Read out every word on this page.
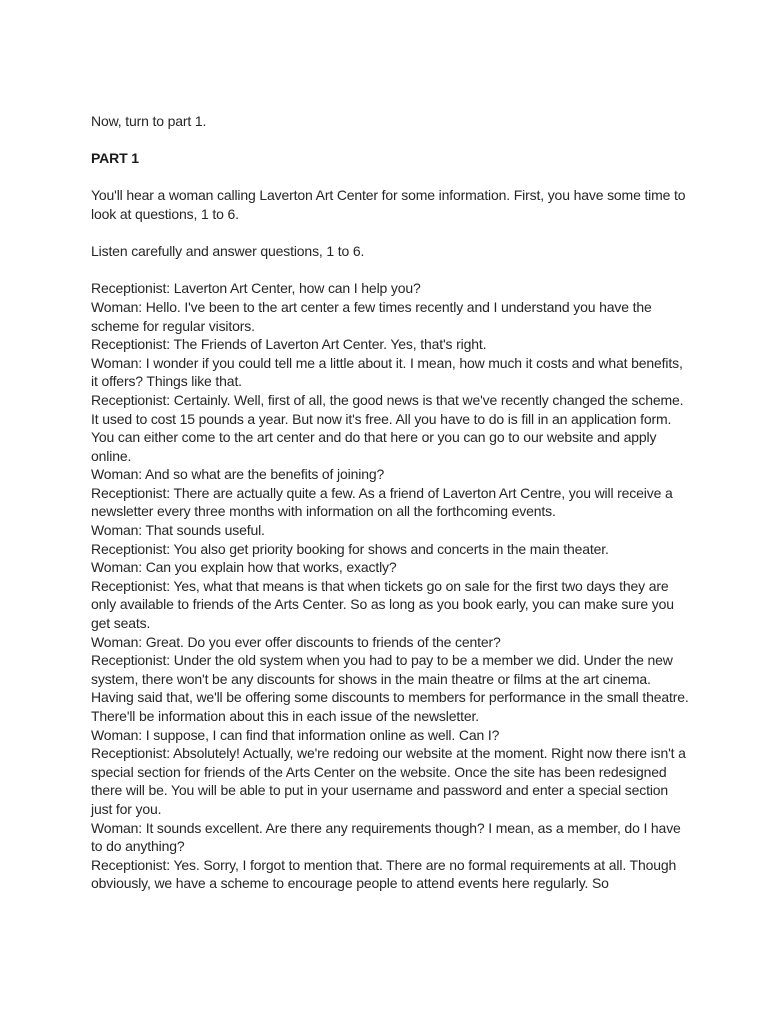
Now, turn to part 1.

PART 1

You'll hear a woman calling Laverton Art Center for some information. First, you have some time to look at questions, 1 to 6.

Listen carefully and answer questions, 1 to 6.

Receptionist: Laverton Art Center, how can I help you?

Woman: Hello. I've been to the art center a few times recently and I understand you have the scheme for regular visitors.

Receptionist: The Friends of Laverton Art Center. Yes, that's right.

Woman: I wonder if you could tell me a little about it. I mean, how much it costs and what benefits, it offers? Things like that.

Receptionist: Certainly. Well, first of all, the good news is that we've recently changed the scheme. It used to cost 15 pounds a year. But now it's free. All you have to do is fill in an application form. You can either come to the art center and do that here or you can go to our website and apply online.

Woman: And so what are the benefits of joining?

Receptionist: There are actually quite a few. As a friend of Laverton Art Centre, you will receive a newsletter every three months with information on all the forthcoming events.

Woman: That sounds useful.

Receptionist: You also get priority booking for shows and concerts in the main theater.

Woman: Can you explain how that works, exactly?

Receptionist: Yes, what that means is that when tickets go on sale for the first two days they are only available to friends of the Arts Center. So as long as you book early, you can make sure you get seats.

Woman: Great. Do you ever offer discounts to friends of the center?

Receptionist: Under the old system when you had to pay to be a member we did. Under the new system, there won't be any discounts for shows in the main theatre or films at the art cinema. Having said that, we'll be offering some discounts to members for performance in the small theatre. There'll be information about this in each issue of the newsletter.

Woman: I suppose, I can find that information online as well. Can I?

Receptionist: Absolutely! Actually, we're redoing our website at the moment. Right now there isn't a special section for friends of the Arts Center on the website. Once the site has been redesigned there will be. You will be able to put in your username and password and enter a special section just for you.

Woman: It sounds excellent. Are there any requirements though? I mean, as a member, do I have to do anything?

Receptionist: Yes. Sorry, I forgot to mention that. There are no formal requirements at all. Though obviously, we have a scheme to encourage people to attend events here regularly. So
